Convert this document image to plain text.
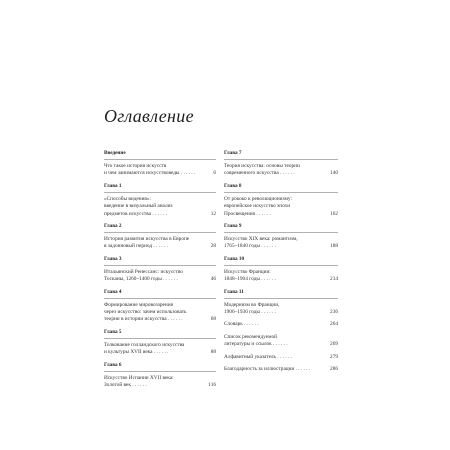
Оглавление
Введение
Что такое история искусств
6
и чем занимаются искусствоведы . . . . . .
Глава 1
«Способы видения»:
введение в визуальный анализ
12
предметов искусства . . . . . .
Глава 2
История развития искусства в Европе
28
в задонновый период . . . . . .
Глава 3
Итальянский Ренессанс: искусство
46
Тосканы, 1260–1400 годы . . . . . .
Глава 4
Формирование мировоззрения
через искусство: зачем использовать
68
теории в истории искусства . . . . . .
Глава 5
Толкование голландского искусства
88
и культуры XVII века . . . . . .
Глава 6
Искусство Испании XVII века:
116
Золотой век . . . . . .
Глава 7
Теория искусства: основы теории
140
современного искусства . . . . . .
Глава 8
От рококо к революционизму:
европейское искусство эпохи
162
Просвещения . . . . . .
Глава 9
Искусство XIX века: романтизм,
188
1765–1840 годы . . . . . .
Глава 10
Искусство Франции:
214
1848–1904 годы . . . . . .
Глава 11
Модернизм во Франции,
236
1906–1936 годы . . . . . .
264
Словарь . . . . . .
Список рекомендуемой
269
литературы и ссылок . . . . . .
279
Алфавитный указатель . . . . . .
286
Благодарность за иллюстрации . . . . . .
